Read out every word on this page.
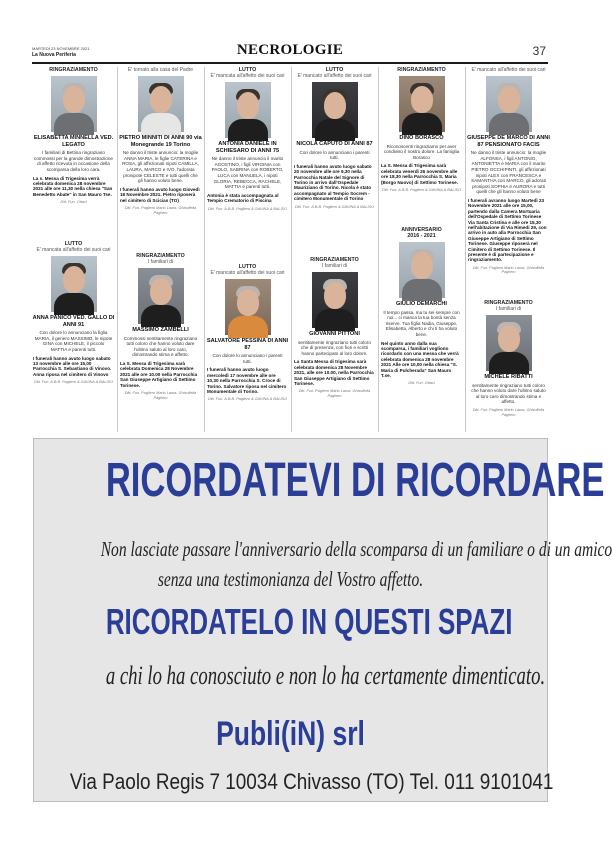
MARTEDÌ 23 NOVEMBRE 2021
La Nuova Periferia	NECROLOGIE	37
RINGRAZIAMENTO
ELISABETTA MINNELLA VED. LEGATO
I familiari di Bettina ringraziano commossi per la grande dimostrazione di affetto ricevuta in occasione della scomparsa della loro cara.
La s. Messa di Trigesima verrà celebrata domenica 28 novembre 2021 alle ore 11,30 nella chiesa "San Benedetto Abate" in San Mauro Tse.
Ditt. Fun. Ottavi
LUTTO
E' mancata all'affetto dei suoi cari
ANNA PANICO VED. GALLO DI ANNI 91
Con dolore lo annunciano la figlia MARIA, il genero MASSIMO, le nipote GINA con MICHELE, il piccolo MATTIA e parenti tutti.
I funerali hanno avuto luogo sabato 13 novembre alle ore 15,00 Parrocchia S. Sebastiano di Vinovo. Anna riposa nel cimitero di Vinovo
Ditt. Fun. A.B.B. Pagliero & GAVINA & BALISO
E' tornato alla casa del Padre
PIETRO MINNITI DI ANNI 90 via Monegrande 19 Torino
Ne danno il triste annuncio: la moglie ANNA MARIA, le figlie CATERINA e ROSA, gli affezionati nipoti CAMILLA, LAURA, MARCO e IVO, l'adorata pronipote CELESTE e tutti quelli che gli hanno voluto bene.
I funerali hanno avuto luogo Giovedì 18 Novembre 2021. Pietro riposerà nel cimitero di Scicias (TO)
Ditt. Fun. Pagliero Mario Laura, Ghisolfella Pagliero
RINGRAZIAMENTO
I familiari di
MASSIMO ZAMBELLI
Commossi sentitamente ringraziano tutti coloro che hanno voluto dare l'ultimo saluto al loro caro, dimostrando stima e affetto.
La S. Messa di Trigesima sarà celebrata Domenica 28 Novembre 2021 alle ore 10.00 nella Parrocchia San Giuseppe Artigiano di Settimo Torinese.
Ditt. Fun. Pagliero Mario Laura, Ghisolfella Pagliero
LUTTO
E' mancata all'affetto dei suoi cari
ANTONIA DANIELE IN SCHIESARO DI ANNI 75
Ne danno il triste annuncio il marito AGOSTINO, i figli VIRGINIA con PAOLO, SABRINA con ROBERTO, LUCA con MANUELA, i nipoti GLORIA, REBECCA, RACHELE, MATTIA e parenti tutti.
Antonia è stata accompagnata al Tempio Crematorio di Piscina
Ditt. Fun. A.B.B. Pagliero & GAVINA & BALISO
LUTTO
E' mancato all'affetto dei suoi cari
SALVATORE PESSINA DI ANNI 87
Con dolore lo annunciano i parenti tutti.
I funerali hanno avuto luogo mercoledì 17 novembre alle ore 10,30 nella Parrocchia S. Croce di Torino. Salvatore riposa nel cimitero Monumentale di Torino.
Ditt. Fun. A.B.B. Pagliero & GAVINA & BALISO
LUTTO
E' mancato all'affetto dei suoi cari
NICOLA CAPUTO DI ANNI 87
Con dolore lo annunciano i parenti tutti.
I funerali hanno avuto luogo sabato 20 novembre alle ore 9,30 nella Parrocchia Natale del Signore di Torino in arrivo dall'Ospedale Mauriziano di Torino. Nicola è stato accompagnato al Tempio Socrem - cimitero Monumentale di Torino
Ditt. Fun. A.B.B. Pagliero & GAVINA & BALISO
RINGRAZIAMENTO
I familiari di
GIOVANNI PITTONI
sentitamente ringraziano tutti coloro che di presenza, con fiori e scritti hanno partecipato al loro dolore.
La Santa Messa di trigesima sarà celebrata domenica 28 Novembre 2021, alle ore 10.00, nella Parrocchia San Giuseppe Artigiano di Settimo Torinese.
Ditt. Fun. Pagliero Mario Laura, Ghisolfella Pagliero
RINGRAZIAMENTO
DINO BORASCO
Riconoscenti ringraziamo per aver condiviso il nostro dolore. La famiglia Borasco
La S. Messa di Trigesima sarà celebrata venerdì 26 novembre alle ore 18,30 nella Parrocchia S. Maria (Borgo Nuovo) di Settimo Torinese.
Ditt. Fun. A.B.B. Pagliero & GAVINA & BALISO
ANNIVERSARIO
2016 - 2021
GIULIO DEMARCHI
Il tempo passa, ma tu sei sempre con noi... ci manca la tua bontà senza riserve. Tua figlia Nadia, Giuseppe, Elisabetta, Alberto e chi ti ha voluto bene.
Nel quinto anno dalla sua scomparsa, i familiari vogliono ricordarlo con una messa che verrà celebrata domenica 28 novembre 2021 Alle ore 10,00 nella chiesa "S. Maria di Pulcherada" San Mauro T.se.
Ditt. Fun. Ottavi
E' mancato all'affetto dei suoi cari
GIUSEPPE DE MARCO DI ANNI 87 PENSIONATO FACIS
Ne danno il triste annuncio: la moglie ALFONSA, i figli ANTONIO, ANTONIETTA e MARIA con il marito PIETRO OCCHIPINTI, gli affezionati nipoti ALEX con FRANCESCA e SAMANTHA con MARCO, gli adorati pronipoti SOPHIA e AURORA e tutti quelli che gli hanno voluto bene
I funerali avranno luogo Martedì 23 Novembre 2021 alle ore 15,00, partendo dalla Camera Mortuaria dell'Ospedale di Settimo Torinese Via Santa Cristina e alle ore 15,30 nell'abitazione di Via Rimedi 29, con arrivo in auto alla Parrocchia San Giuseppe Artigiano di Settimo Torinese. Giuseppe riposerà nel Cimitero di Settimo Torinese. Il presente è di partecipazione e ringraziamento.
Ditt. Fun. Pagliero Mario Laura, Ghisolfella Pagliero
RINGRAZIAMENTO
I familiari di
MICHELE RIBATTI
sentitamente ringraziano tutti coloro che hanno voluto dare l'ultimo saluto al loro caro dimostrando stima e affetto.
Ditt. Fun. Pagliero Mario Laura, Ghisolfella Pagliero
RICORDATEVI DI RICORDARE
Non lasciate passare l'anniversario della scomparsa di un familiare o di un amico
senza una testimonianza del Vostro affetto.
RICORDATELO IN QUESTI SPAZI
a chi lo ha conosciuto e non lo ha certamente dimenticato.
Publi(iN) srl
Via Paolo Regis 7 10034 Chivasso (TO) Tel. 011 9101041
